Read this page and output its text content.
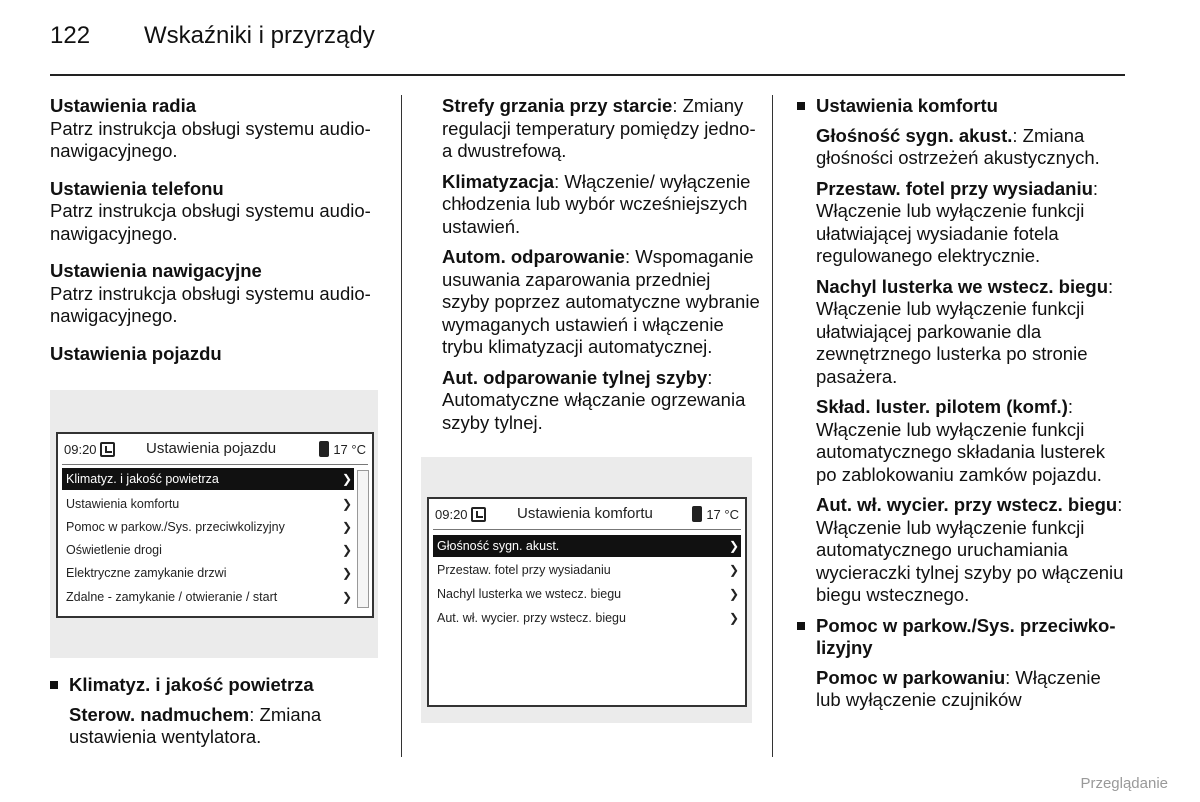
122	Wskaźniki i przyrządy
Ustawienia radia
Patrz instrukcja obsługi systemu audio-nawigacyjnego.
Ustawienia telefonu
Patrz instrukcja obsługi systemu audio-nawigacyjnego.
Ustawienia nawigacyjne
Patrz instrukcja obsługi systemu audio-nawigacyjnego.
Ustawienia pojazdu
09:20	Ustawienia pojazdu	17 °C
Klimatyz. i jakość powietrza
Ustawienia komfortu
Pomoc w parkow./Sys. przeciwkolizyjny
Oświetlenie drogi
Elektryczne zamykanie drzwi
Zdalne - zamykanie / otwieranie / start
❯
❯
❯
❯
❯
❯
Klimatyz. i jakość powietrza
Sterow. nadmuchem: Zmiana ustawienia wentylatora.
Strefy grzania przy starcie: Zmiany regulacji temperatury pomiędzy jedno- a dwustrefową.
Klimatyzacja: Włączenie/ wyłączenie chłodzenia lub wybór wcześniejszych ustawień.
Autom. odparowanie: Wspomaganie usuwania zaparowania przedniej szyby poprzez automatyczne wybranie wymaganych ustawień i włączenie trybu klimatyzacji automatycznej.
Aut. odparowanie tylnej szyby: Automatyczne włączanie ogrzewania szyby tylnej.
09:20	Ustawienia komfortu	17 °C
Głośność sygn. akust.
Przestaw. fotel przy wysiadaniu
Nachyl lusterka we wstecz. biegu
Aut. wł. wycier. przy wstecz. biegu
❯
❯
❯
❯
Ustawienia komfortu
Głośność sygn. akust.: Zmiana głośności ostrzeżeń akustycznych.
Przestaw. fotel przy wysiadaniu: Włączenie lub wyłączenie funkcji ułatwiającej wysiadanie fotela regulowanego elektrycznie.
Nachyl lusterka we wstecz. biegu: Włączenie lub wyłączenie funkcji ułatwiającej parkowanie dla zewnętrznego lusterka po stronie pasażera.
Skład. luster. pilotem (komf.): Włączenie lub wyłączenie funkcji automatycznego składania lusterek po zablokowaniu zamków pojazdu.
Aut. wł. wycier. przy wstecz. biegu: Włączenie lub wyłączenie funkcji automatycznego uruchamiania wycieraczki tylnej szyby po włączeniu biegu wstecznego.
Pomoc w parkow./Sys. przeciwko- lizyjny
Pomoc w parkowaniu: Włączenie lub wyłączenie czujników
Przeglądanie
